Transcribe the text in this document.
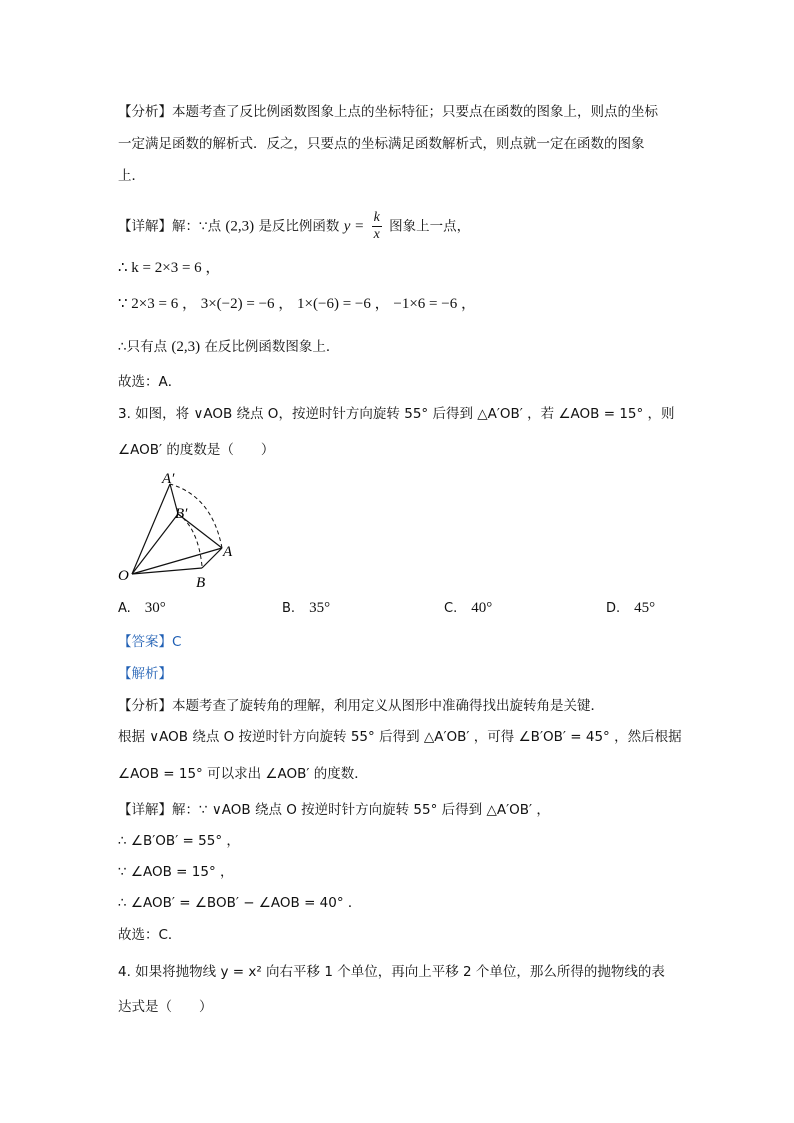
【分析】本题考查了反比例函数图象上点的坐标特征；只要点在函数的图象上，则点的坐标
一定满足函数的解析式．反之，只要点的坐标满足函数解析式，则点就一定在函数的图象
上．
【详解】解：∵点 (2,3) 是反比例函数 $y = \frac{k}{x}$ 图象上一点，
∴ k = 2×3 = 6 ，
∵ 2×3 = 6 ， 3×(−2) = −6 ， 1×(−6) = −6 ， −1×6 = −6 ，
∴只有点 (2,3) 在反比例函数图象上．
故选：A．
3. 如图，将 ∨AOB 绕点 O，按逆时针方向旋转 55° 后得到 △A′OB′ ，若 ∠AOB = 15° ，则
∠AOB′ 的度数是（　　）
A′
B′
A
B
O
A. 30°	B. 35°	C. 40°	D. 45°
【答案】C
【解析】
【分析】本题考查了旋转角的理解，利用定义从图形中准确得找出旋转角是关键．
根据 ∨AOB 绕点 O 按逆时针方向旋转 55° 后得到 △A′OB′ ，可得 ∠B′OB′ = 45° ，然后根据
∠AOB = 15° 可以求出 ∠AOB′ 的度数．
【详解】解：∵ ∨AOB 绕点 O 按逆时针方向旋转 55° 后得到 △A′OB′ ，
∴ ∠B′OB′ = 55° ，
∵ ∠AOB = 15° ，
∴ ∠AOB′ = ∠BOB′ − ∠AOB = 40° ．
故选：C．
4. 如果将抛物线 y = x² 向右平移 1 个单位，再向上平移 2 个单位，那么所得的抛物线的表
达式是（　　）
